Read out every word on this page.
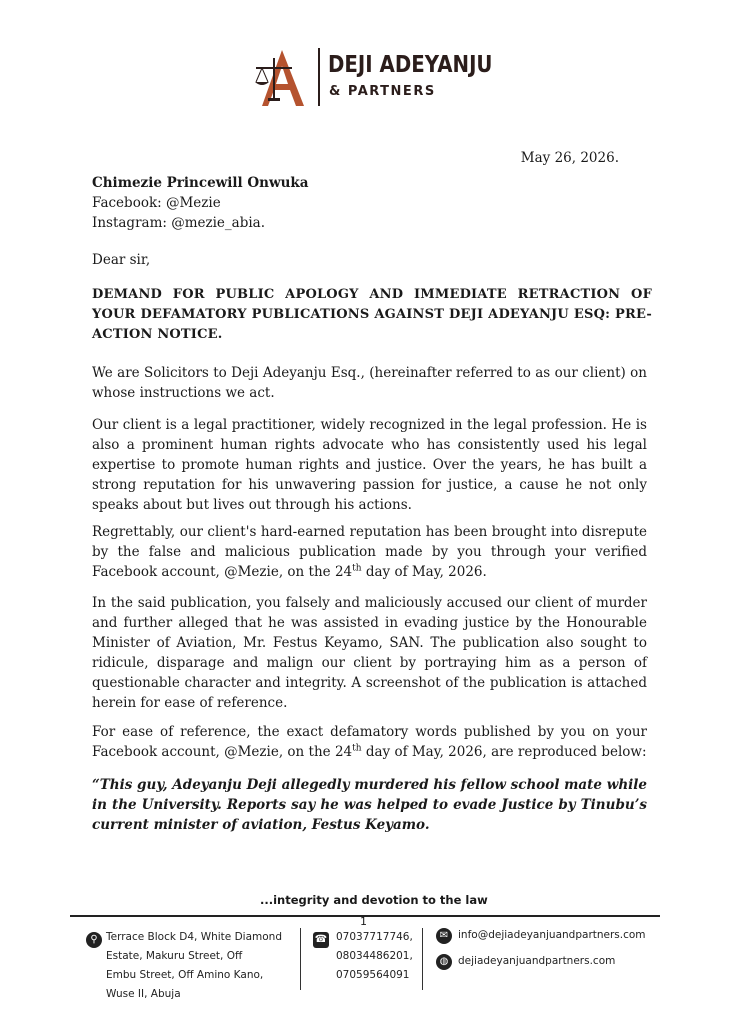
DEJI ADEYANJU
& PARTNERS
May 26, 2026.
Chimezie Princewill Onwuka
Facebook: @Mezie
Instagram: @mezie_abia.
Dear sir,
DEMAND FOR PUBLIC APOLOGY AND IMMEDIATE RETRACTION OF YOUR DEFAMATORY PUBLICATIONS AGAINST DEJI ADEYANJU ESQ: PRE-ACTION NOTICE.
We are Solicitors to Deji Adeyanju Esq., (hereinafter referred to as our client) on whose instructions we act.
Our client is a legal practitioner, widely recognized in the legal profession. He is also a prominent human rights advocate who has consistently used his legal expertise to promote human rights and justice. Over the years, he has built a strong reputation for his unwavering passion for justice, a cause he not only speaks about but lives out through his actions.
Regrettably, our client's hard-earned reputation has been brought into disrepute by the false and malicious publication made by you through your verified Facebook account, @Mezie, on the 24th day of May, 2026.
In the said publication, you falsely and maliciously accused our client of murder and further alleged that he was assisted in evading justice by the Honourable Minister of Aviation, Mr. Festus Keyamo, SAN. The publication also sought to ridicule, disparage and malign our client by portraying him as a person of questionable character and integrity. A screenshot of the publication is attached herein for ease of reference.
For ease of reference, the exact defamatory words published by you on your Facebook account, @Mezie, on the 24th day of May, 2026, are reproduced below:
“This guy, Adeyanju Deji allegedly murdered his fellow school mate while in the University. Reports say he was helped to evade Justice by Tinubu’s current minister of aviation, Festus Keyamo.
...integrity and devotion to the law
1
⚲ Terrace Block D4, White Diamond
Estate, Makuru Street, Off
Embu Street, Off Amino Kano,
Wuse II, Abuja
☎ 07037717746,
08034486201,
07059564091
✉ info@dejiadeyanjuandpartners.com
◍ dejiadeyanjuandpartners.com
